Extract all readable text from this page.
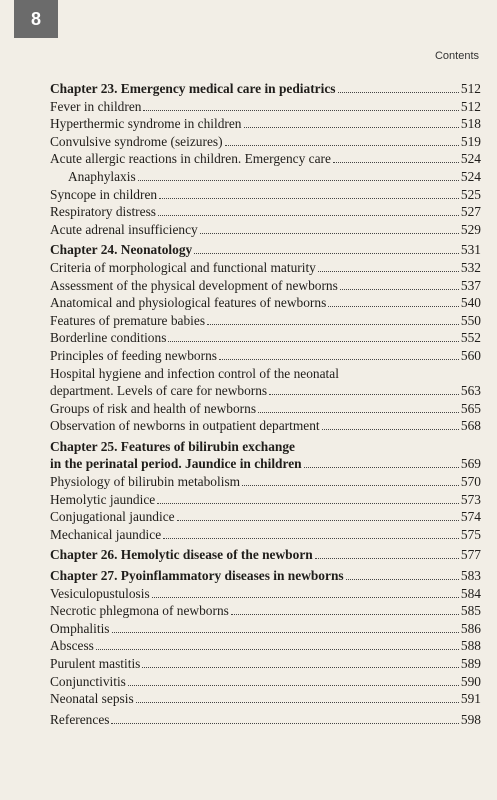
8
Contents
Chapter 23. Emergency medical care in pediatrics	512
Fever in children	512
Hyperthermic syndrome in children	518
Convulsive syndrome (seizures)	519
Acute allergic reactions in children. Emergency care	524
Anaphylaxis	524
Syncope in children	525
Respiratory distress	527
Acute adrenal insufficiency	529
Chapter 24. Neonatology	531
Criteria of morphological and functional maturity	532
Assessment of the physical development of newborns	537
Anatomical and physiological features of newborns	540
Features of premature babies	550
Borderline conditions	552
Principles of feeding newborns	560
Hospital hygiene and infection control of the neonatal
department. Levels of care for newborns	563
Groups of risk and health of newborns	565
Observation of newborns in outpatient department	568
Chapter 25. Features of bilirubin exchange
in the perinatal period. Jaundice in children	569
Physiology of bilirubin metabolism	570
Hemolytic jaundice	573
Conjugational jaundice	574
Mechanical jaundice	575
Chapter 26. Hemolytic disease of the newborn	577
Chapter 27. Pyoinflammatory diseases in newborns	583
Vesiculopustulosis	584
Necrotic phlegmona of newborns	585
Omphalitis	586
Abscess	588
Purulent mastitis	589
Conjunctivitis	590
Neonatal sepsis	591
References	598
